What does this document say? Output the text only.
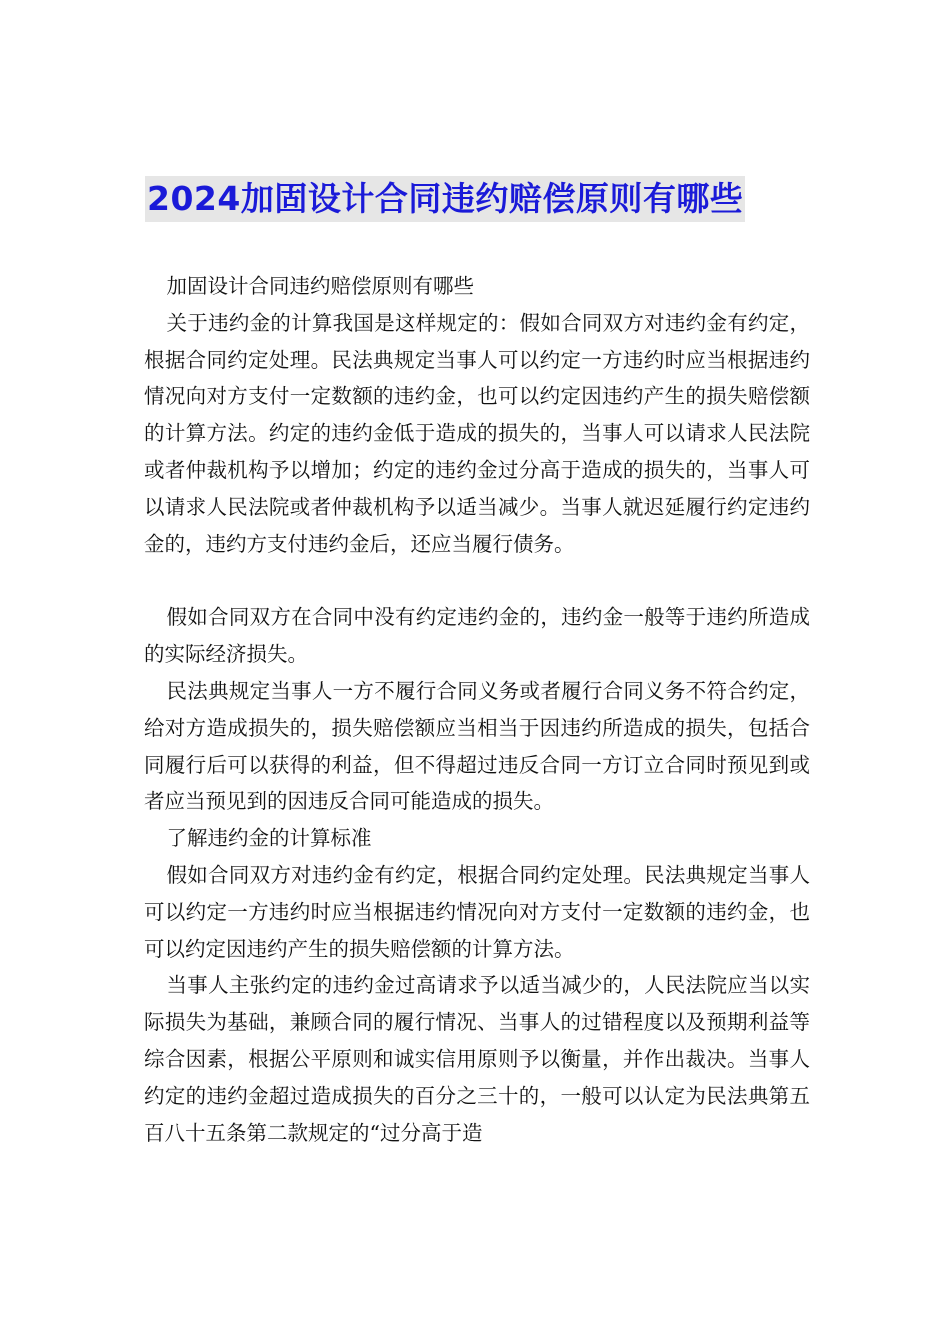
2024加固设计合同违约赔偿原则有哪些

加固设计合同违约赔偿原则有哪些

关于违约金的计算我国是这样规定的：假如合同双方对违约金有约定，根据合同约定处理。民法典规定当事人可以约定一方违约时应当根据违约情况向对方支付一定数额的违约金，也可以约定因违约产生的损失赔偿额的计算方法。约定的违约金低于造成的损失的，当事人可以请求人民法院或者仲裁机构予以增加；约定的违约金过分高于造成的损失的，当事人可以请求人民法院或者仲裁机构予以适当减少。当事人就迟延履行约定违约金的，违约方支付违约金后，还应当履行债务。

假如合同双方在合同中没有约定违约金的，违约金一般等于违约所造成的实际经济损失。

民法典规定当事人一方不履行合同义务或者履行合同义务不符合约定，给对方造成损失的，损失赔偿额应当相当于因违约所造成的损失，包括合同履行后可以获得的利益，但不得超过违反合同一方订立合同时预见到或者应当预见到的因违反合同可能造成的损失。

了解违约金的计算标准

假如合同双方对违约金有约定，根据合同约定处理。民法典规定当事人可以约定一方违约时应当根据违约情况向对方支付一定数额的违约金，也可以约定因违约产生的损失赔偿额的计算方法。

当事人主张约定的违约金过高请求予以适当减少的，人民法院应当以实际损失为基础，兼顾合同的履行情况、当事人的过错程度以及预期利益等综合因素，根据公平原则和诚实信用原则予以衡量，并作出裁决。当事人约定的违约金超过造成损失的百分之三十的，一般可以认定为民法典第五百八十五条第二款规定的“过分高于造
